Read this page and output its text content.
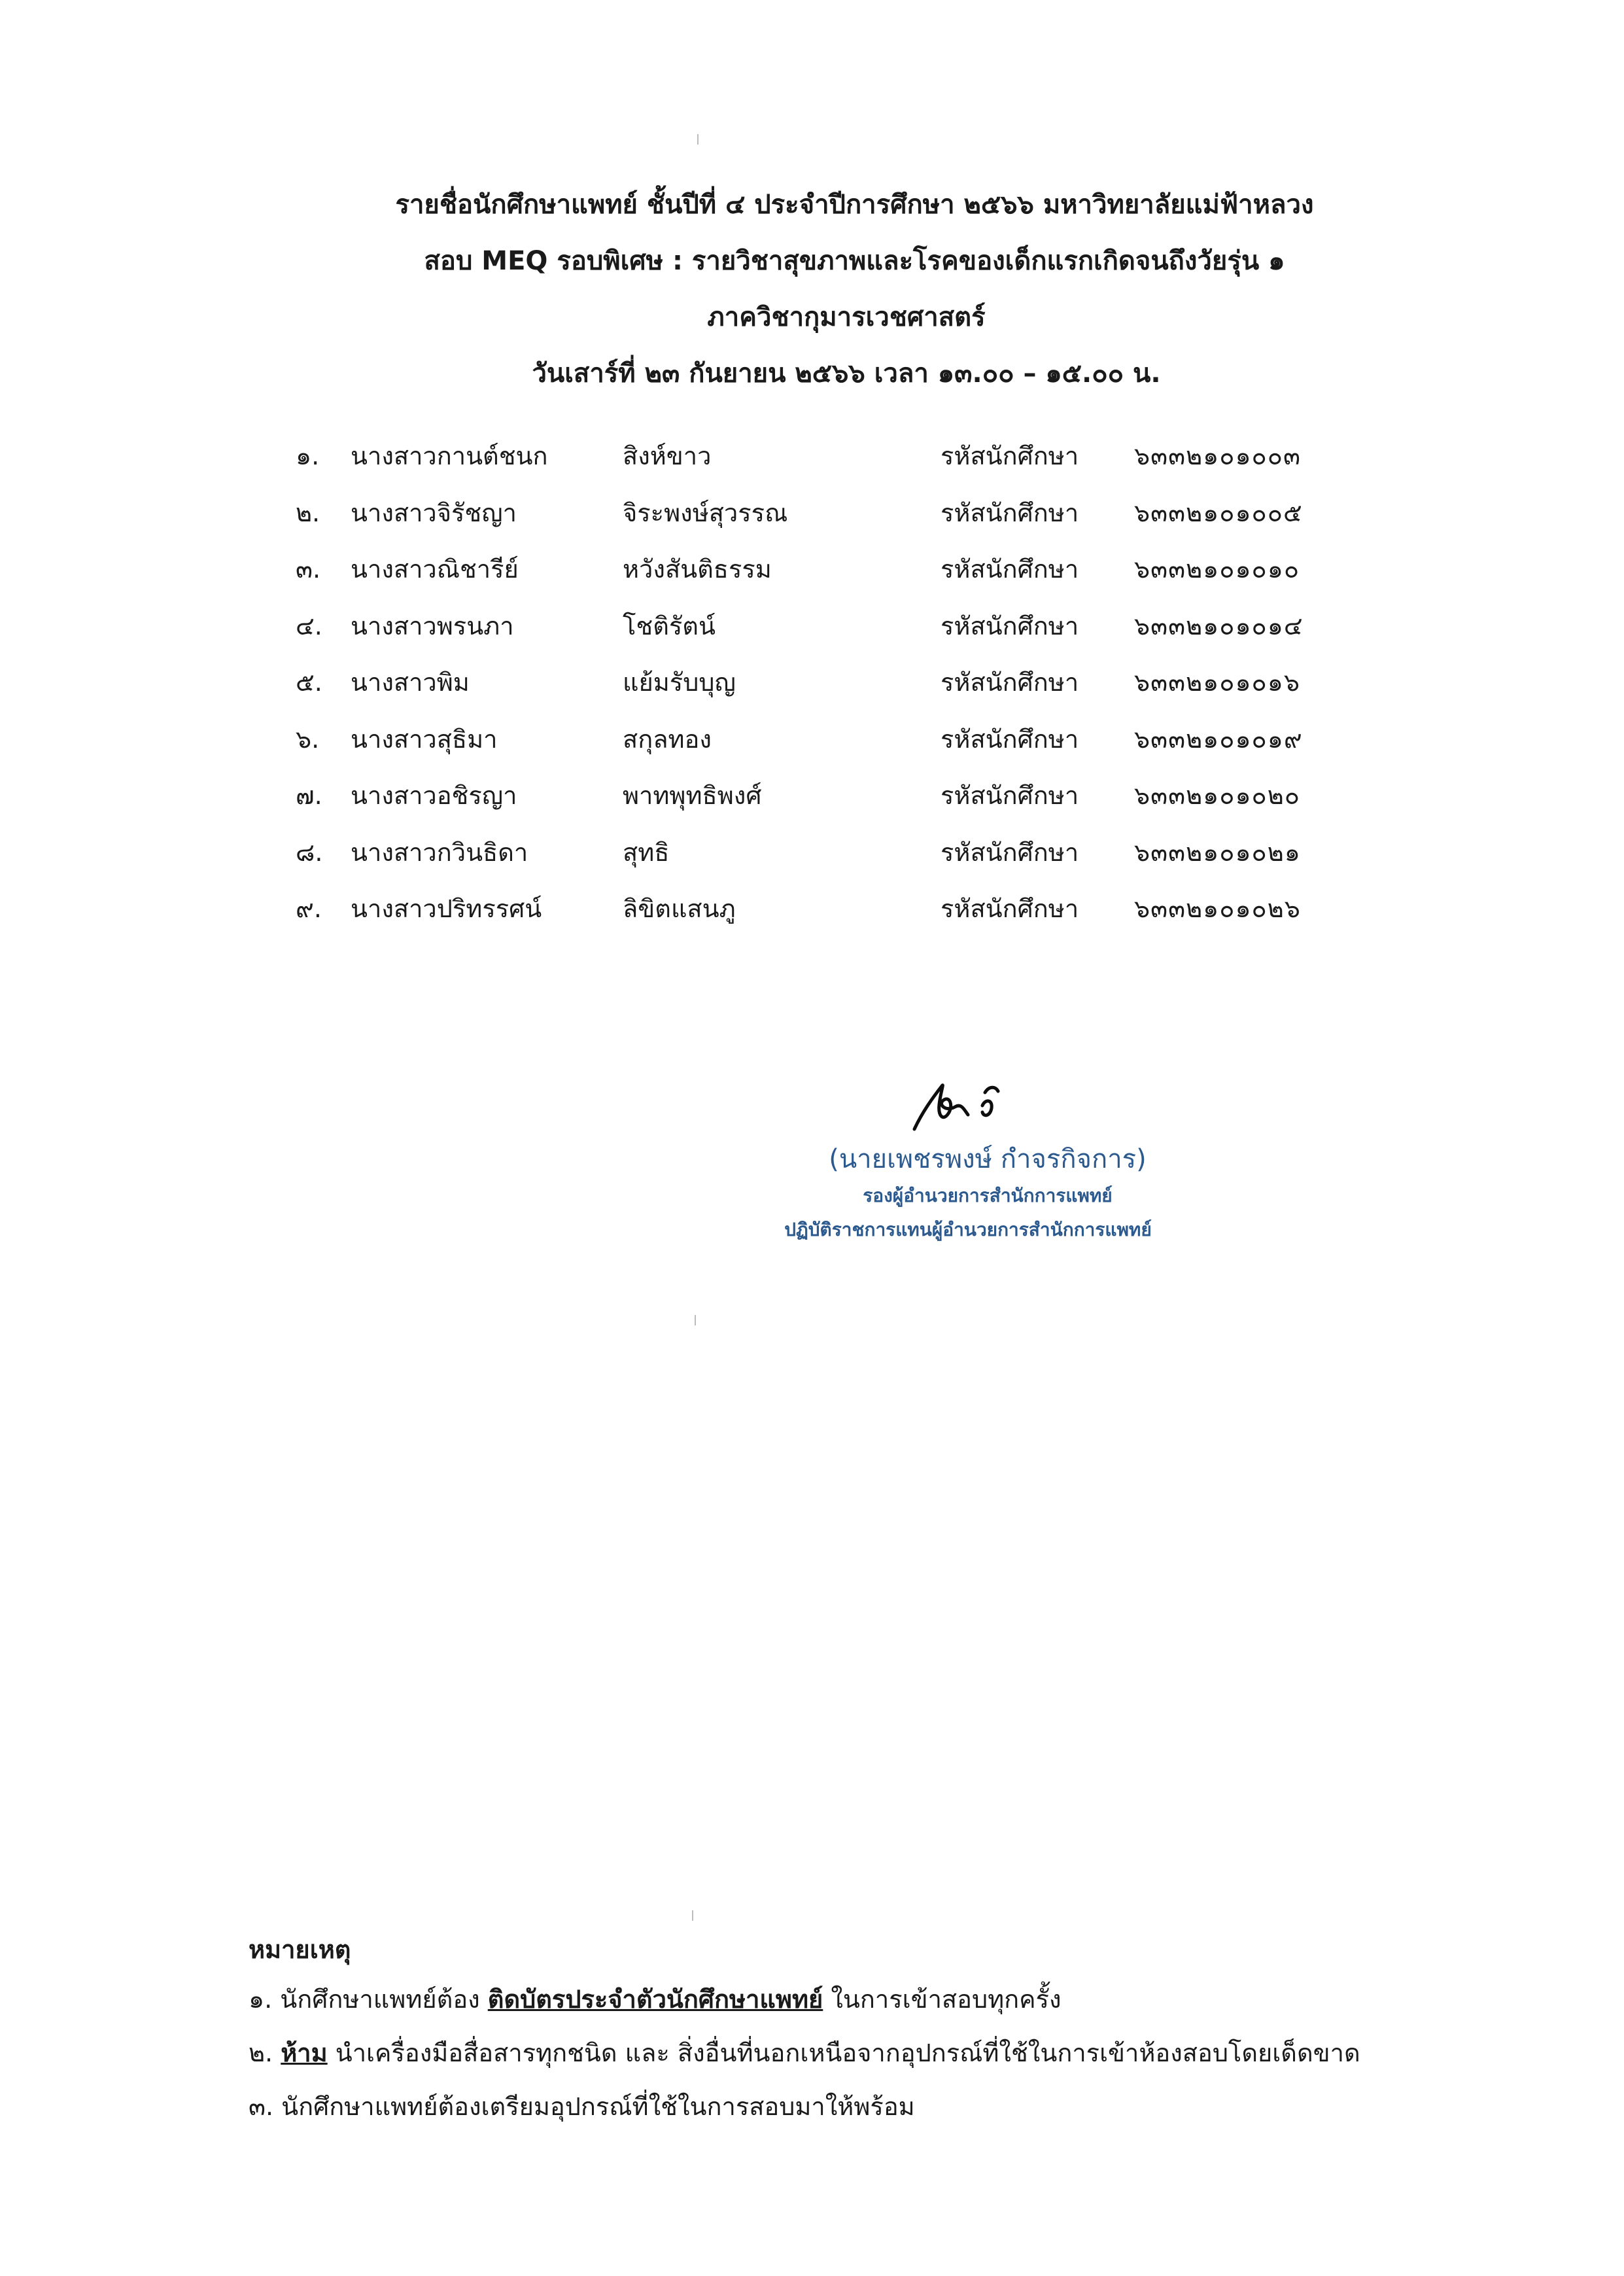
รายชื่อนักศึกษาแพทย์ ชั้นปีที่ ๔ ประจำปีการศึกษา ๒๕๖๖ มหาวิทยาลัยแม่ฟ้าหลวง
สอบ MEQ รอบพิเศษ : รายวิชาสุขภาพและโรคของเด็กแรกเกิดจนถึงวัยรุ่น ๑
ภาควิชากุมารเวชศาสตร์
วันเสาร์ที่ ๒๓ กันยายน ๒๕๖๖ เวลา ๑๓.๐๐ – ๑๕.๐๐ น.
๑. นางสาวกานต์ชนก	สิงห์ขาว	รหัสนักศึกษา ๖๓๓๒๑๐๑๐๐๓
๒. นางสาวจิรัชญา	จิระพงษ์สุวรรณ	รหัสนักศึกษา ๖๓๓๒๑๐๑๐๐๕
๓. นางสาวณิชารีย์	หวังสันติธรรม	รหัสนักศึกษา ๖๓๓๒๑๐๑๐๑๐
๔. นางสาวพรนภา	โชติรัตน์	รหัสนักศึกษา ๖๓๓๒๑๐๑๐๑๔
๕. นางสาวพิม	แย้มรับบุญ	รหัสนักศึกษา ๖๓๓๒๑๐๑๐๑๖
๖. นางสาวสุธิมา	สกุลทอง	รหัสนักศึกษา ๖๓๓๒๑๐๑๐๑๙
๗. นางสาวอชิรญา	พาทพุทธิพงศ์	รหัสนักศึกษา ๖๓๓๒๑๐๑๐๒๐
๘. นางสาวกวินธิดา	สุทธิ	รหัสนักศึกษา ๖๓๓๒๑๐๑๐๒๑
๙. นางสาวปริทรรศน์	ลิขิตแสนภู	รหัสนักศึกษา ๖๓๓๒๑๐๑๐๒๖
(นายเพชรพงษ์ กำจรกิจการ)
รองผู้อำนวยการสำนักการแพทย์
ปฏิบัติราชการแทนผู้อำนวยการสำนักการแพทย์
หมายเหตุ
๑. นักศึกษาแพทย์ต้อง ติดบัตรประจำตัวนักศึกษาแพทย์ ในการเข้าสอบทุกครั้ง
๒. ห้าม นำเครื่องมือสื่อสารทุกชนิด และ สิ่งอื่นที่นอกเหนือจากอุปกรณ์ที่ใช้ในการเข้าห้องสอบโดยเด็ดขาด
๓. นักศึกษาแพทย์ต้องเตรียมอุปกรณ์ที่ใช้ในการสอบมาให้พร้อม
